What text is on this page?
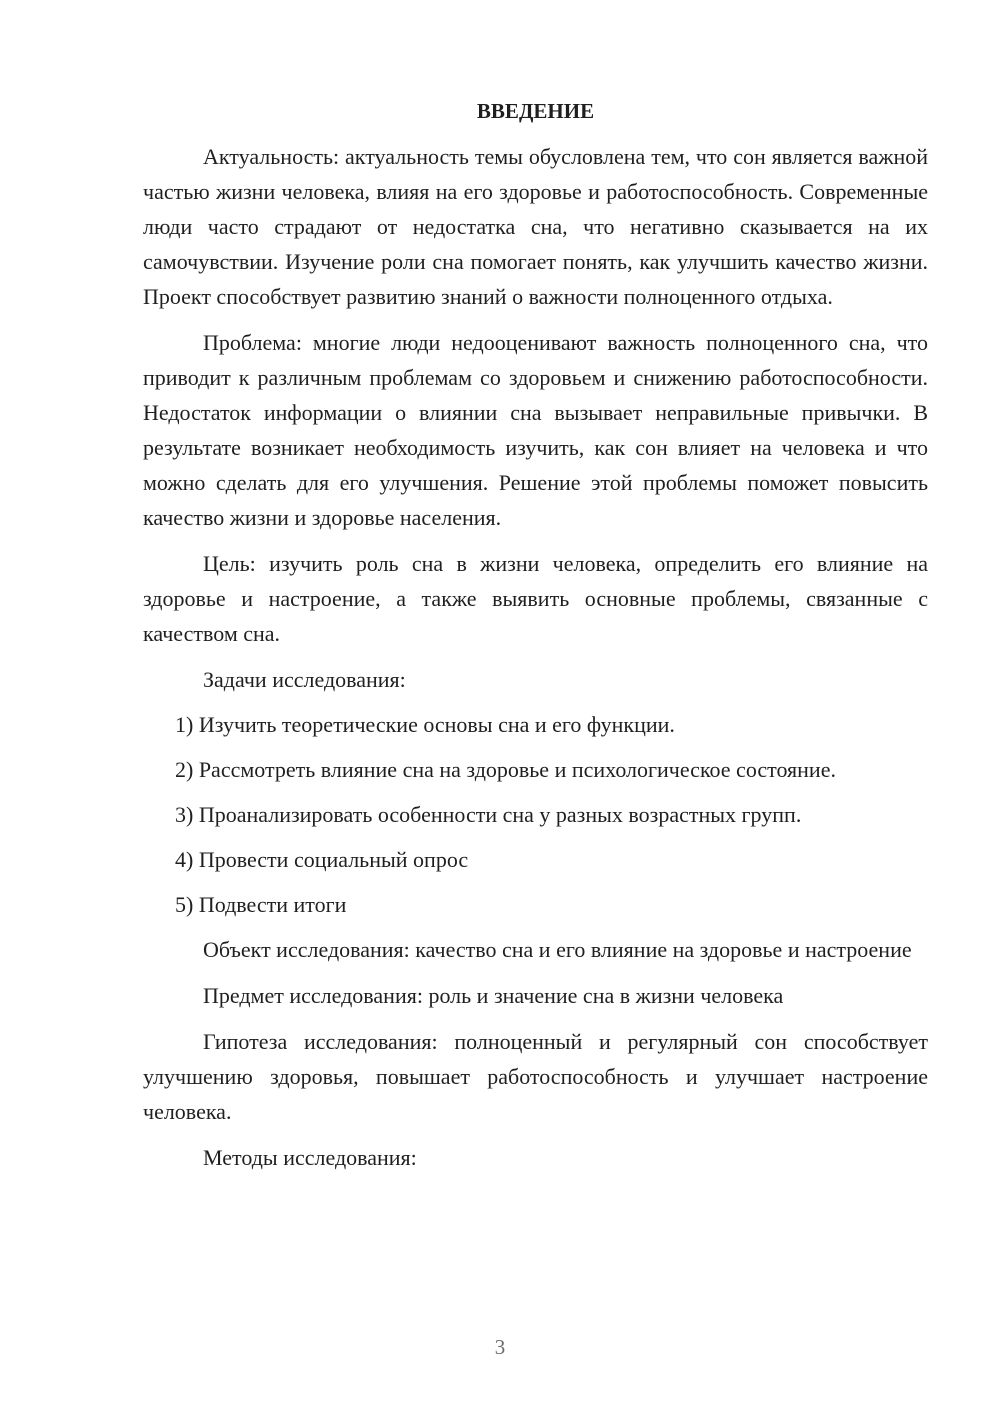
ВВЕДЕНИЕ

Актуальность: актуальность темы обусловлена тем, что сон является важной частью жизни человека, влияя на его здоровье и работоспособность. Современные люди часто страдают от недостатка сна, что негативно сказывается на их самочувствии. Изучение роли сна помогает понять, как улучшить качество жизни. Проект способствует развитию знаний о важности полноценного отдыха.

Проблема: многие люди недооценивают важность полноценного сна, что приводит к различным проблемам со здоровьем и снижению работоспособности. Недостаток информации о влиянии сна вызывает неправильные привычки. В результате возникает необходимость изучить, как сон влияет на человека и что можно сделать для его улучшения. Решение этой проблемы поможет повысить качество жизни и здоровье населения.

Цель: изучить роль сна в жизни человека, определить его влияние на здоровье и настроение, а также выявить основные проблемы, связанные с качеством сна.

Задачи исследования:
1) Изучить теоретические основы сна и его функции.
2) Рассмотреть влияние сна на здоровье и психологическое состояние.
3) Проанализировать особенности сна у разных возрастных групп.
4) Провести социальный опрос
5) Подвести итоги

Объект исследования: качество сна и его влияние на здоровье и настроение

Предмет исследования: роль и значение сна в жизни человека

Гипотеза исследования: полноценный и регулярный сон способствует улучшению здоровья, повышает работоспособность и улучшает настроение человека.

Методы исследования:
3
